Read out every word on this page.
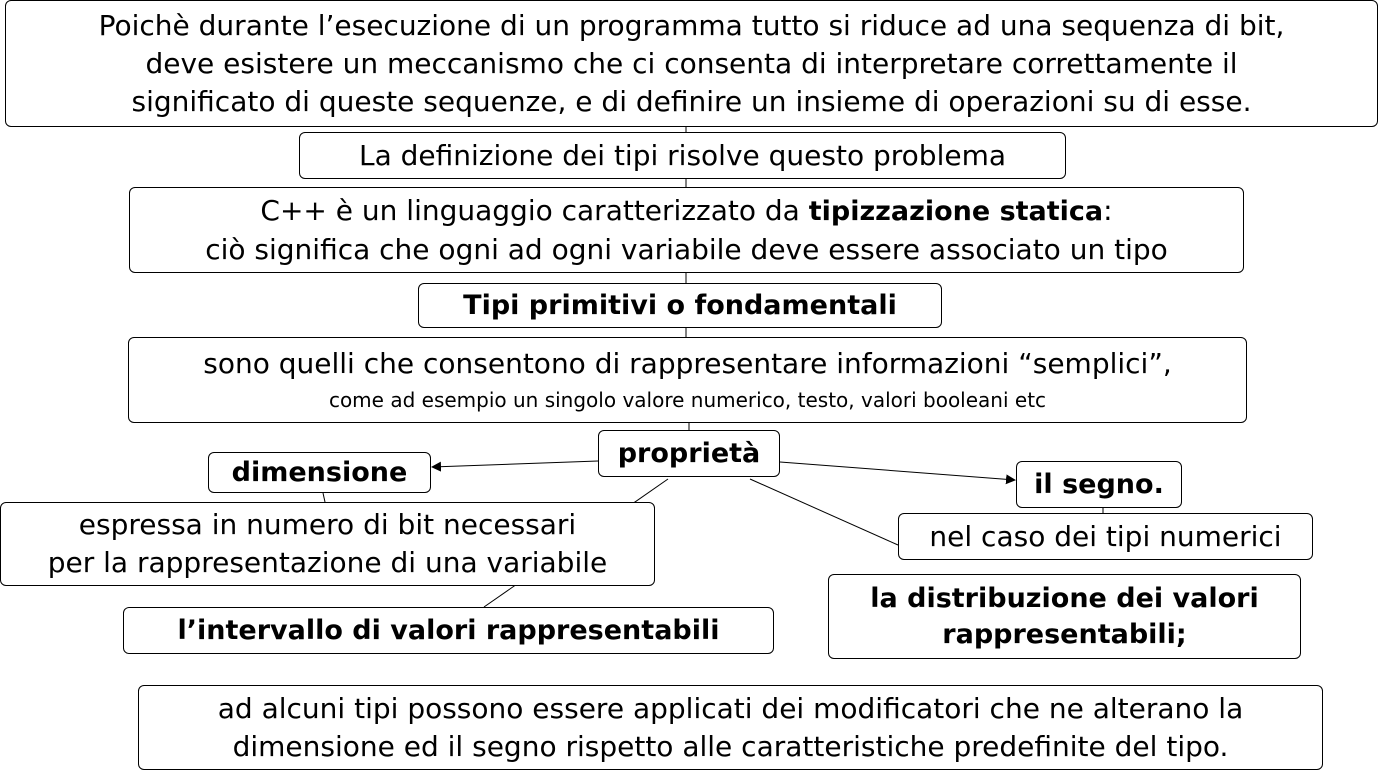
Poichè durante l’esecuzione di un programma tutto si riduce ad una sequenza di bit,
deve esistere un meccanismo che ci consenta di interpretare correttamente il
significato di queste sequenze, e di definire un insieme di operazioni su di esse.
La definizione dei tipi risolve questo problema
C++ è un linguaggio caratterizzato da tipizzazione statica:
ciò significa che ogni ad ogni variabile deve essere associato un tipo
Tipi primitivi o fondamentali
sono quelli che consentono di rappresentare informazioni “semplici”,
come ad esempio un singolo valore numerico, testo, valori booleani etc
proprietà
dimensione	il segno.
espressa in numero di bit necessari
per la rappresentazione di una variabile
nel caso dei tipi numerici
l’intervallo di valori rappresentabili
la distribuzione dei valori
rappresentabili;
ad alcuni tipi possono essere applicati dei modificatori che ne alterano la
dimensione ed il segno rispetto alle caratteristiche predefinite del tipo.
